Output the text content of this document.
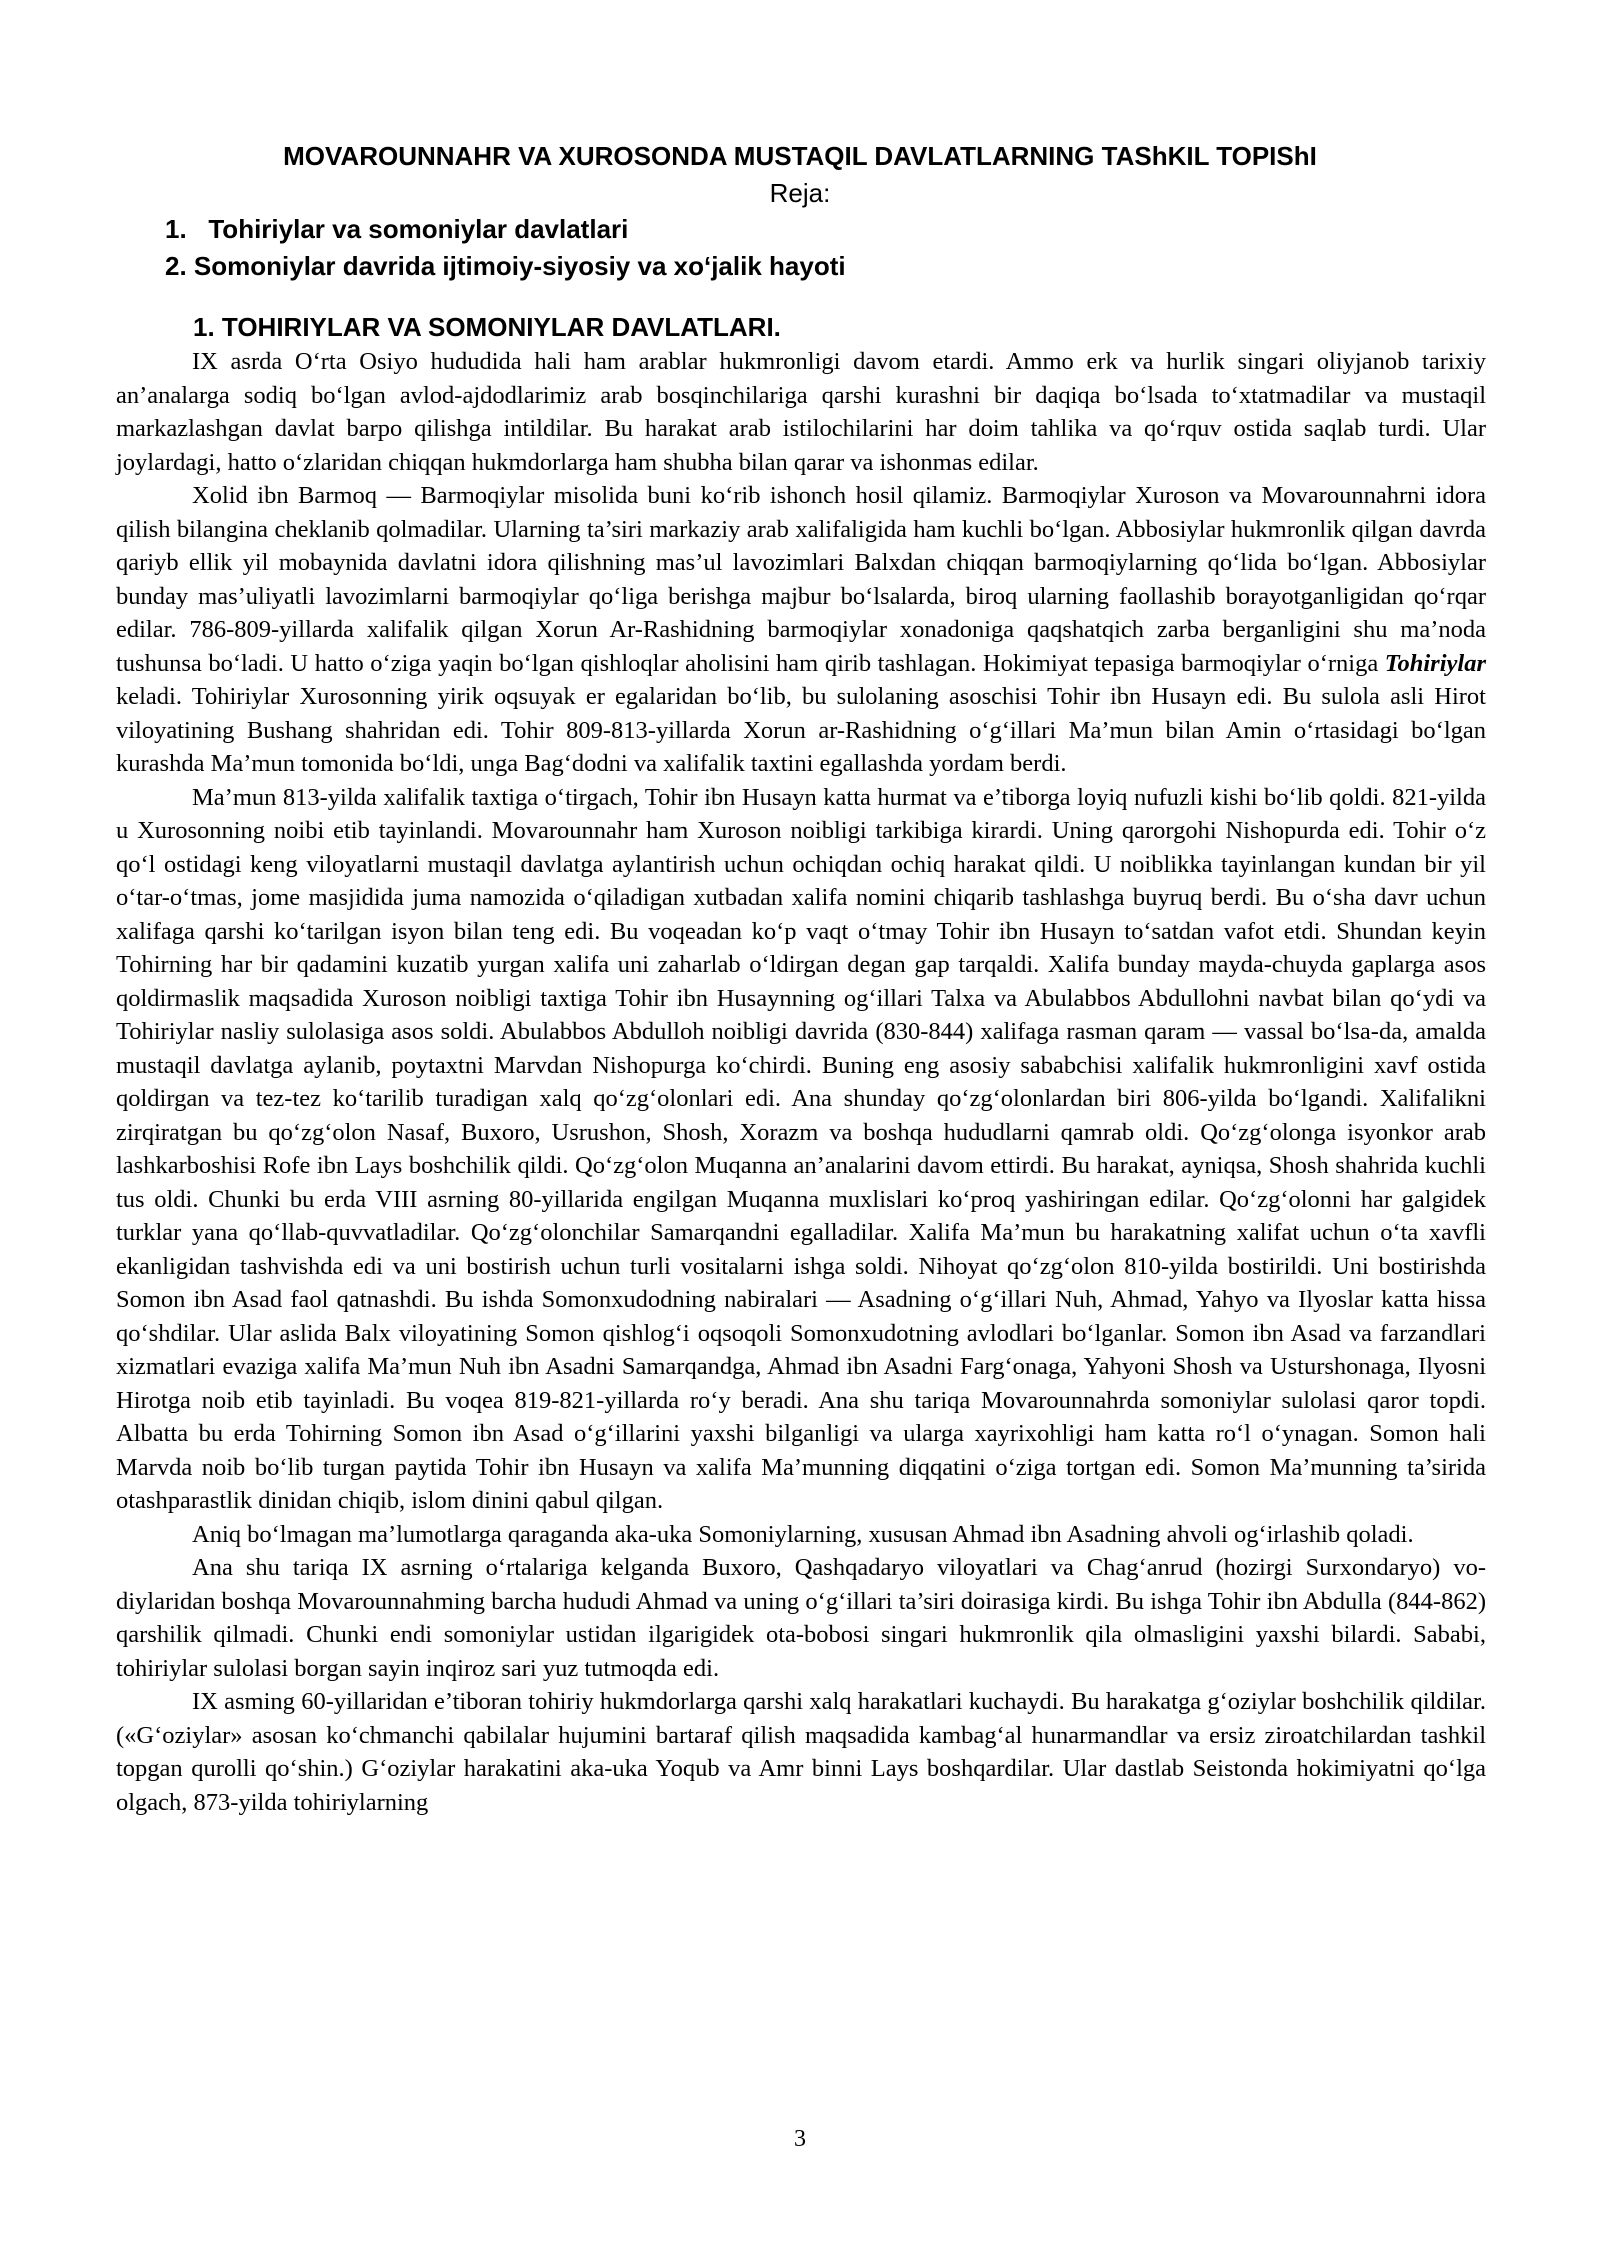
MOVAROUNNAHR VA XUROSONDA MUSTAQIL DAVLATLARNING TAShKIL TOPIShI
Reja:
1.   Tohiriylar va somoniylar davlatlari
2. Somoniylar davrida ijtimoiy-siyosiy va xo‘jalik hayoti
1. TOHIRIYLAR VA SOMONIYLAR DAVLATLARI.

IX asrda O‘rta Osiyo hududida hali ham arablar hukmronligi davom etardi. Ammo erk va hurlik singari oliyjanob tarixiy an’analarga sodiq bo‘lgan avlod-ajdodlarimiz arab bosqinchilariga qarshi kurashni bir daqiqa bo‘lsada to‘xtatmadilar va mustaqil markazlashgan davlat barpo qilishga intildilar. Bu harakat arab istilochilarini har doim tahlika va qo‘rquv ostida saqlab turdi. Ular joylardagi, hatto o‘zlaridan chiqqan hukmdorlarga ham shubha bilan qarar va ishonmas edilar.

Xolid ibn Barmoq — Barmoqiylar misolida buni ko‘rib ishonch hosil qilamiz. Barmoqiylar Xuroson va Movarounnahrni idora qilish bilangina cheklanib qolmadilar. Ularning ta’siri markaziy arab xalifaligida ham kuchli bo‘lgan. Abbosiylar hukmronlik qilgan davrda qariyb ellik yil mobaynida davlatni idora qilishning mas’ul lavozimlari Balxdan chiqqan barmoqiylarning qo‘lida bo‘lgan. Abbosiylar bunday mas’uliyatli lavozimlarni barmoqiylar qo‘liga berishga majbur bo‘lsalarda, biroq ularning faollashib borayotganligidan qo‘rqar edilar. 786-809-yillarda xalifalik qilgan Xorun Ar-Rashidning barmoqiylar xonadoniga qaqshatqich zarba berganligini shu ma’noda tushunsa bo‘ladi. U hatto o‘ziga yaqin bo‘lgan qishloqlar aholisini ham qirib tashlagan. Hokimiyat tepasiga barmoqiylar o‘rniga Tohiriylar keladi. Tohiriylar Xurosonning yirik oqsuyak er egalaridan bo‘lib, bu sulolaning asoschisi Tohir ibn Husayn edi. Bu sulola asli Hirot viloyatining Bushang shahridan edi. Tohir 809-813-yillarda Xorun ar-Rashidning o‘g‘illari Ma’mun bilan Amin o‘rtasidagi bo‘lgan kurashda Ma’mun tomonida bo‘ldi, unga Bag‘dodni va xalifalik taxtini egallashda yordam berdi.

Ma’mun 813-yilda xalifalik taxtiga o‘tirgach, Tohir ibn Husayn katta hurmat va e’tiborga loyiq nufuzli kishi bo‘lib qoldi. 821-yilda u Xurosonning noibi etib tayinlandi. Movarounnahr ham Xuroson noibligi tarkibiga kirardi. Uning qarorgohi Nishopurda edi. Tohir o‘z qo‘l ostidagi keng viloyatlarni mustaqil davlatga aylantirish uchun ochiqdan ochiq harakat qildi. U noiblikka tayinlangan kundan bir yil o‘tar-o‘tmas, jome masjidida juma namozida o‘qiladigan xutbadan xalifa nomini chiqarib tashlashga buyruq berdi. Bu o‘sha davr uchun xalifaga qarshi ko‘tarilgan isyon bilan teng edi. Bu voqeadan ko‘p vaqt o‘tmay Tohir ibn Husayn to‘satdan vafot etdi. Shundan keyin Tohirning har bir qadamini kuzatib yurgan xalifa uni zaharlab o‘ldirgan degan gap tarqaldi. Xalifa bunday mayda-chuyda gaplarga asos qoldirmaslik maqsadida Xuroson noibligi taxtiga Tohir ibn Husaynning og‘illari Talxa va Abulabbos Abdullohni navbat bilan qo‘ydi va Tohiriylar nasliy sulolasiga asos soldi. Abulabbos Abdulloh noibligi davrida (830-844) xalifaga rasman qaram — vassal bo‘lsa-da, amalda mustaqil davlatga aylanib, poytaxtni Marvdan Nishopurga ko‘chirdi. Buning eng asosiy sababchisi xalifalik hukmronligini xavf ostida qoldirgan va tez-tez ko‘tarilib turadigan xalq qo‘zg‘olonlari edi. Ana shunday qo‘zg‘olonlardan biri 806-yilda bo‘lgandi. Xalifalikni zirqiratgan bu qo‘zg‘olon Nasaf, Buxoro, Usrushon, Shosh, Xorazm va boshqa hududlarni qamrab oldi. Qo‘zg‘olonga isyonkor arab lashkarboshisi Rofe ibn Lays boshchilik qildi. Qo‘zg‘olon Muqanna an’analarini davom ettirdi. Bu harakat, ayniqsa, Shosh shahrida kuchli tus oldi. Chunki bu erda VIII asrning 80-yillarida engilgan Muqanna muxlislari ko‘proq yashiringan edilar. Qo‘zg‘olonni har galgidek turklar yana qo‘llab-quvvatladilar. Qo‘zg‘olonchilar Samarqandni egalladilar. Xalifa Ma’mun bu harakatning xalifat uchun o‘ta xavfli ekanligidan tashvishda edi va uni bostirish uchun turli vositalarni ishga soldi. Nihoyat qo‘zg‘olon 810-yilda bostirildi. Uni bostirishda Somon ibn Asad faol qatnashdi. Bu ishda Somonxudodning nabiralari — Asadning o‘g‘illari Nuh, Ahmad, Yahyo va Ilyoslar katta hissa qo‘shdilar. Ular aslida Balx viloyatining Somon qishlog‘i oqsoqoli Somonxudotning avlodlari bo‘lganlar. Somon ibn Asad va farzandlari xizmatlari evaziga xalifa Ma’mun Nuh ibn Asadni Samarqandga, Ahmad ibn Asadni Farg‘onaga, Yahyoni Shosh va Usturshonaga, Ilyosni Hirotga noib etib tayinladi. Bu voqea 819-821-yillarda ro‘y beradi. Ana shu tariqa Movarounnahrda somoniylar sulolasi qaror topdi. Albatta bu erda Tohirning Somon ibn Asad o‘g‘illarini yaxshi bilganligi va ularga xayrixohligi ham katta ro‘l o‘ynagan. Somon hali Marvda noib bo‘lib turgan paytida Tohir ibn Husayn va xalifa Ma’munning diqqatini o‘ziga tortgan edi. Somon Ma’munning ta’sirida otashparastlik dinidan chiqib, islom dinini qabul qilgan.

Aniq bo‘lmagan ma’lumotlarga qaraganda aka-uka Somoniylarning, xususan Ahmad ibn Asadning ahvoli og‘irlashib qoladi.

Ana shu tariqa IX asrning o‘rtalariga kelganda Buxoro, Qashqadaryo viloyatlari va Chag‘anrud (hozirgi Surxondaryo) vo-diylaridan boshqa Movarounnahming barcha hududi Ahmad va uning o‘g‘illari ta’siri doirasiga kirdi. Bu ishga Tohir ibn Abdulla (844-862) qarshilik qilmadi. Chunki endi somoniylar ustidan ilgarigidek ota-bobosi singari hukmronlik qila olmasligini yaxshi bilardi. Sababi, tohiriylar sulolasi borgan sayin inqiroz sari yuz tutmoqda edi.

IX asming 60-yillaridan e’tiboran tohiriy hukmdorlarga qarshi xalq harakatlari kuchaydi. Bu harakatga g‘oziylar boshchilik qildilar. («G‘oziylar» asosan ko‘chmanchi qabilalar hujumini bartaraf qilish maqsadida kambag‘al hunarmandlar va ersiz ziroatchilardan tashkil topgan qurolli qo‘shin.) G‘oziylar harakatini aka-uka Yoqub va Amr binni Lays boshqardilar. Ular dastlab Seistonda hokimiyatni qo‘lga olgach, 873-yilda tohiriylarning

3
